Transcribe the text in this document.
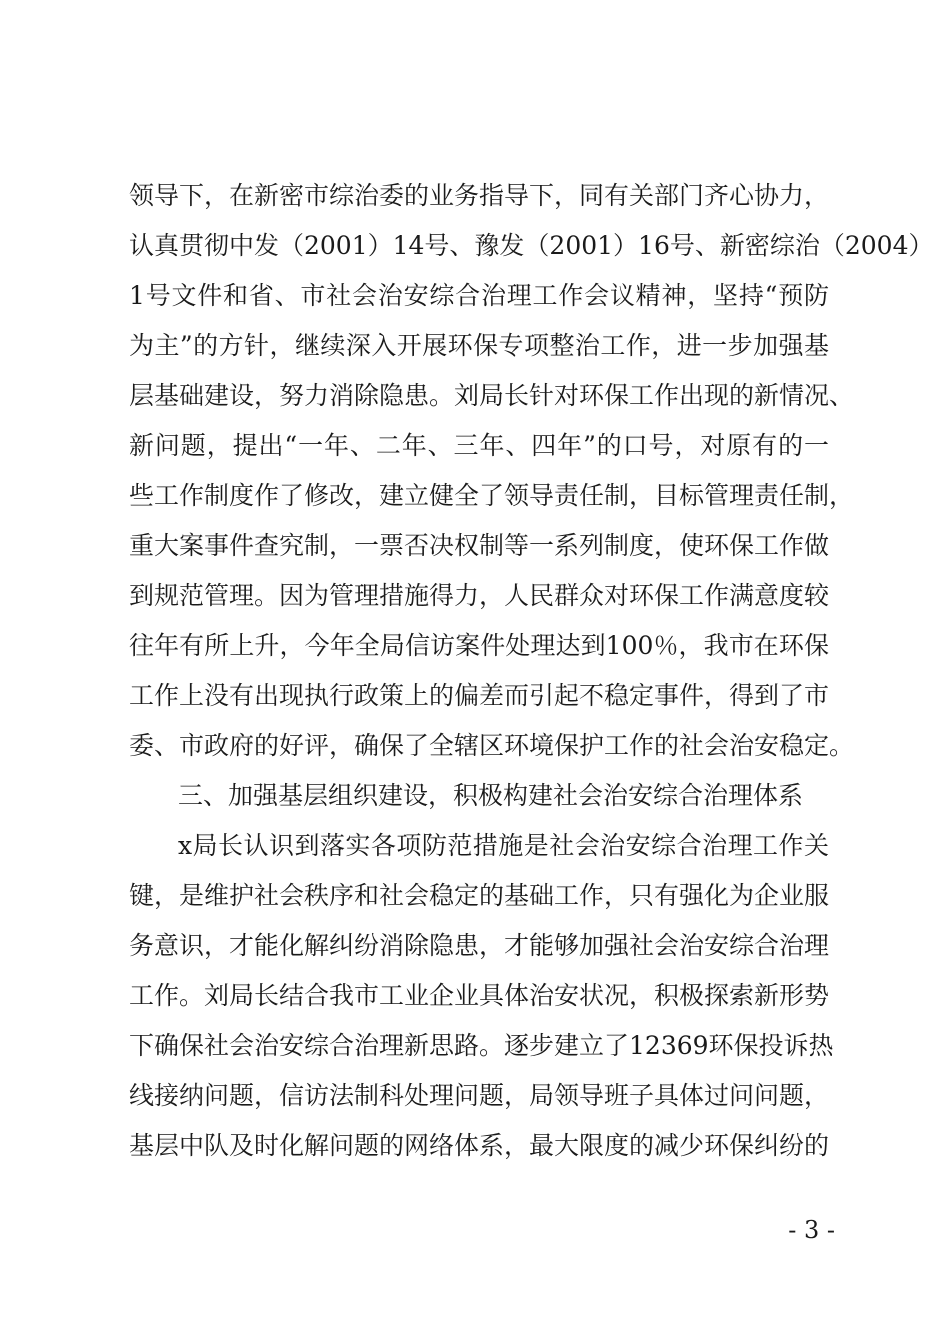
领导下，在新密市综治委的业务指导下，同有关部门齐心协力，
认真贯彻中发（2001）14号、豫发（2001）16号、新密综治（2004）
1号文件和省、市社会治安综合治理工作会议精神，坚持“预防
为主”的方针，继续深入开展环保专项整治工作，进一步加强基
层基础建设，努力消除隐患。刘局长针对环保工作出现的新情况、
新问题，提出“一年、二年、三年、四年”的口号，对原有的一
些工作制度作了修改，建立健全了领导责任制，目标管理责任制，
重大案事件查究制，一票否决权制等一系列制度，使环保工作做
到规范管理。因为管理措施得力，人民群众对环保工作满意度较
往年有所上升，今年全局信访案件处理达到100％，我市在环保
工作上没有出现执行政策上的偏差而引起不稳定事件，得到了市
委、市政府的好评，确保了全辖区环境保护工作的社会治安稳定。
三、加强基层组织建设，积极构建社会治安综合治理体系
x局长认识到落实各项防范措施是社会治安综合治理工作关
键，是维护社会秩序和社会稳定的基础工作，只有强化为企业服
务意识，才能化解纠纷消除隐患，才能够加强社会治安综合治理
工作。刘局长结合我市工业企业具体治安状况，积极探索新形势
下确保社会治安综合治理新思路。逐步建立了12369环保投诉热
线接纳问题，信访法制科处理问题，局领导班子具体过问问题，
基层中队及时化解问题的网络体系，最大限度的减少环保纠纷的
- 3 -
